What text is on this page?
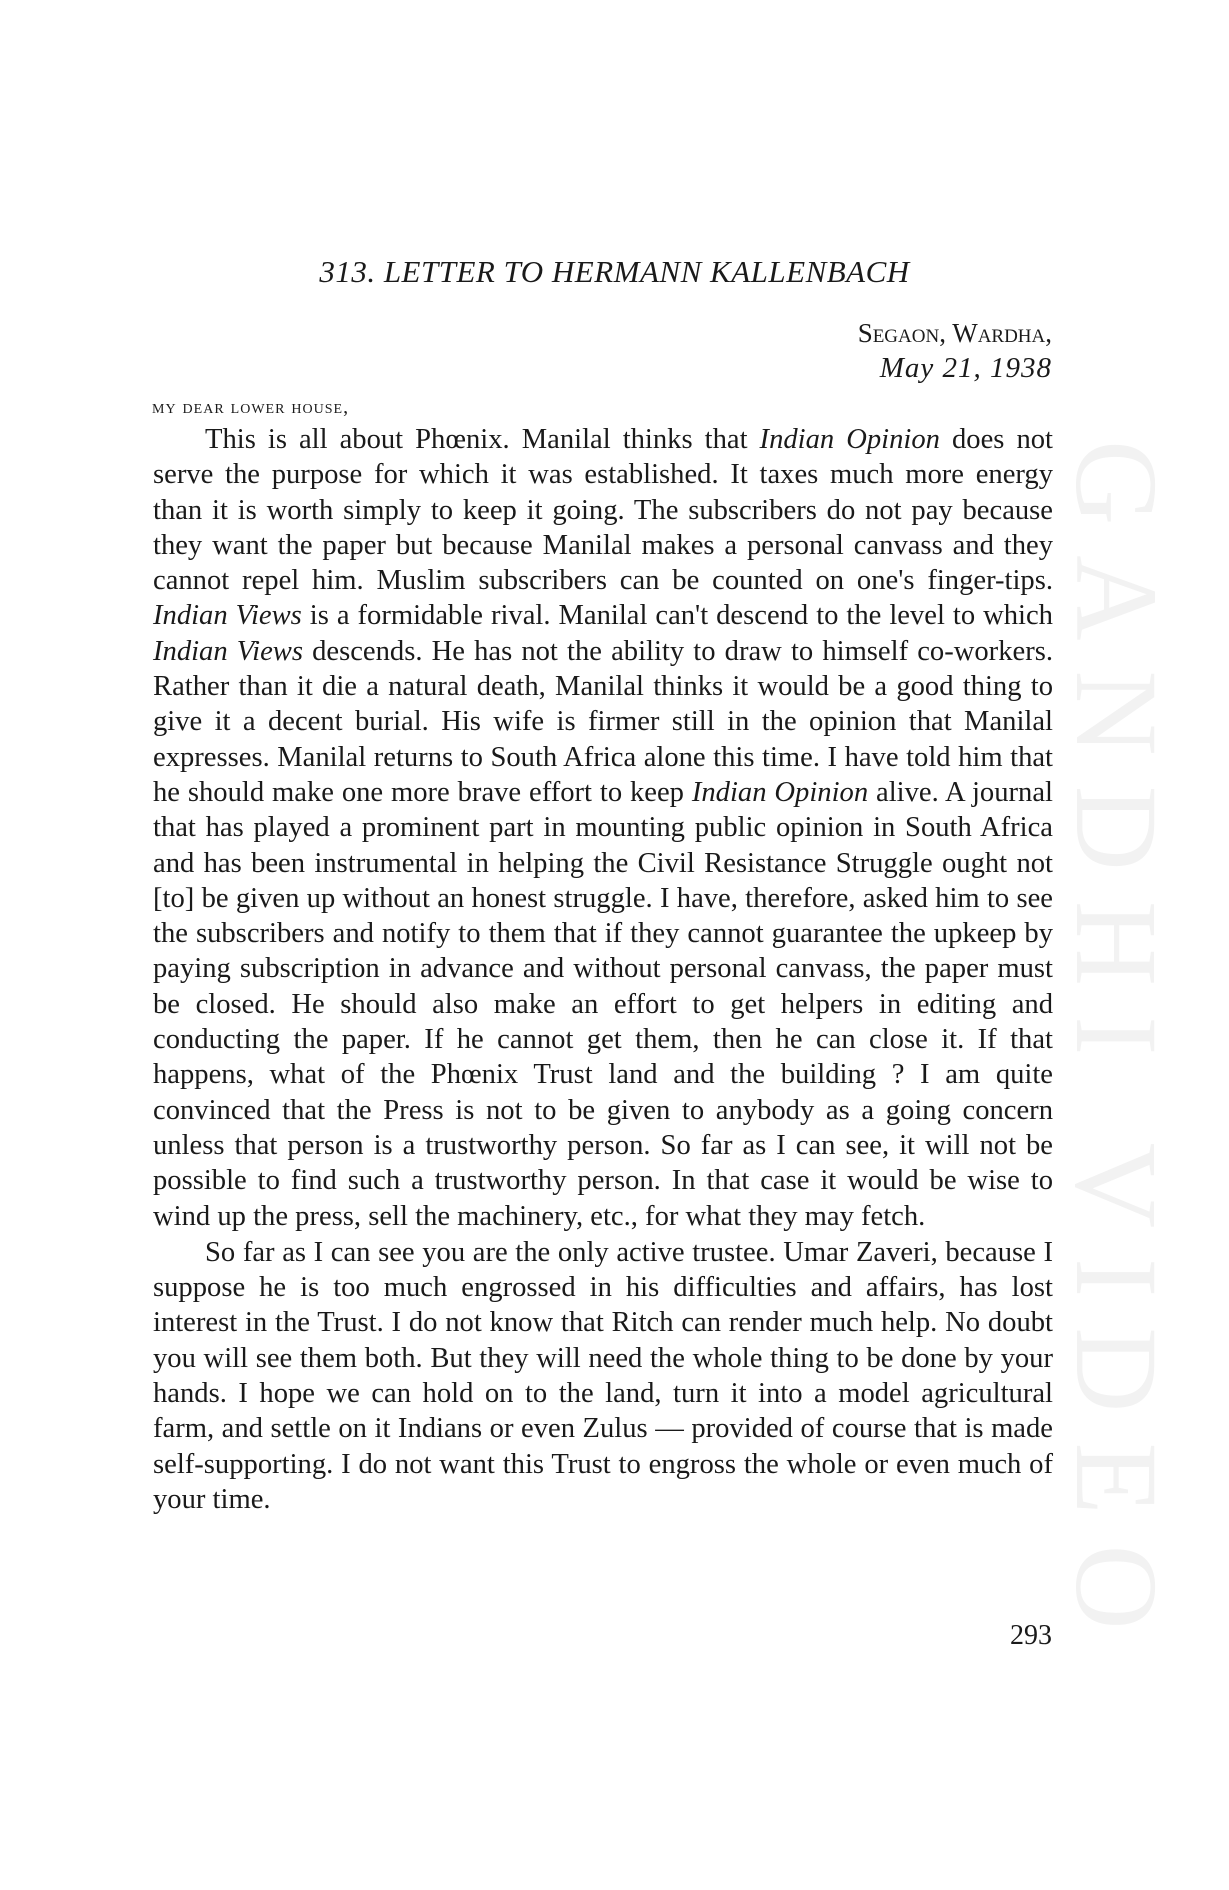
GANDHI VIDEO
313. LETTER TO HERMANN KALLENBACH
Segaon, Wardha,
May 21, 1938
my dear lower house,

This is all about Phœnix. Manilal thinks that Indian Opinion does not serve the purpose for which it was established. It taxes much more energy than it is worth simply to keep it going. The subscribers do not pay because they want the paper but because Manilal makes a personal canvass and they cannot repel him. Muslim subscribers can be counted on one's finger-tips. Indian Views is a formidable rival. Manilal can't descend to the level to which Indian Views descends. He has not the ability to draw to himself co-workers. Rather than it die a natural death, Manilal thinks it would be a good thing to give it a decent burial. His wife is firmer still in the opinion that Manilal expresses. Manilal returns to South Africa alone this time. I have told him that he should make one more brave effort to keep Indian Opinion alive. A journal that has played a prominent part in mounting public opinion in South Africa and has been instrumental in helping the Civil Resistance Struggle ought not [to] be given up without an honest struggle. I have, therefore, asked him to see the subscribers and notify to them that if they cannot guarantee the upkeep by paying subscription in advance and without personal canvass, the paper must be closed. He should also make an effort to get helpers in editing and conducting the paper. If he cannot get them, then he can close it. If that happens, what of the Phœnix Trust land and the building ? I am quite convinced that the Press is not to be given to anybody as a going concern unless that person is a trustworthy person. So far as I can see, it will not be possible to find such a trustworthy person. In that case it would be wise to wind up the press, sell the machinery, etc., for what they may fetch.

So far as I can see you are the only active trustee. Umar Zaveri, because I suppose he is too much engrossed in his difficulties and affairs, has lost interest in the Trust. I do not know that Ritch can render much help. No doubt you will see them both. But they will need the whole thing to be done by your hands. I hope we can hold on to the land, turn it into a model agricultural farm, and settle on it Indians or even Zulus — provided of course that is made self-supporting. I do not want this Trust to engross the whole or even much of your time.

293
